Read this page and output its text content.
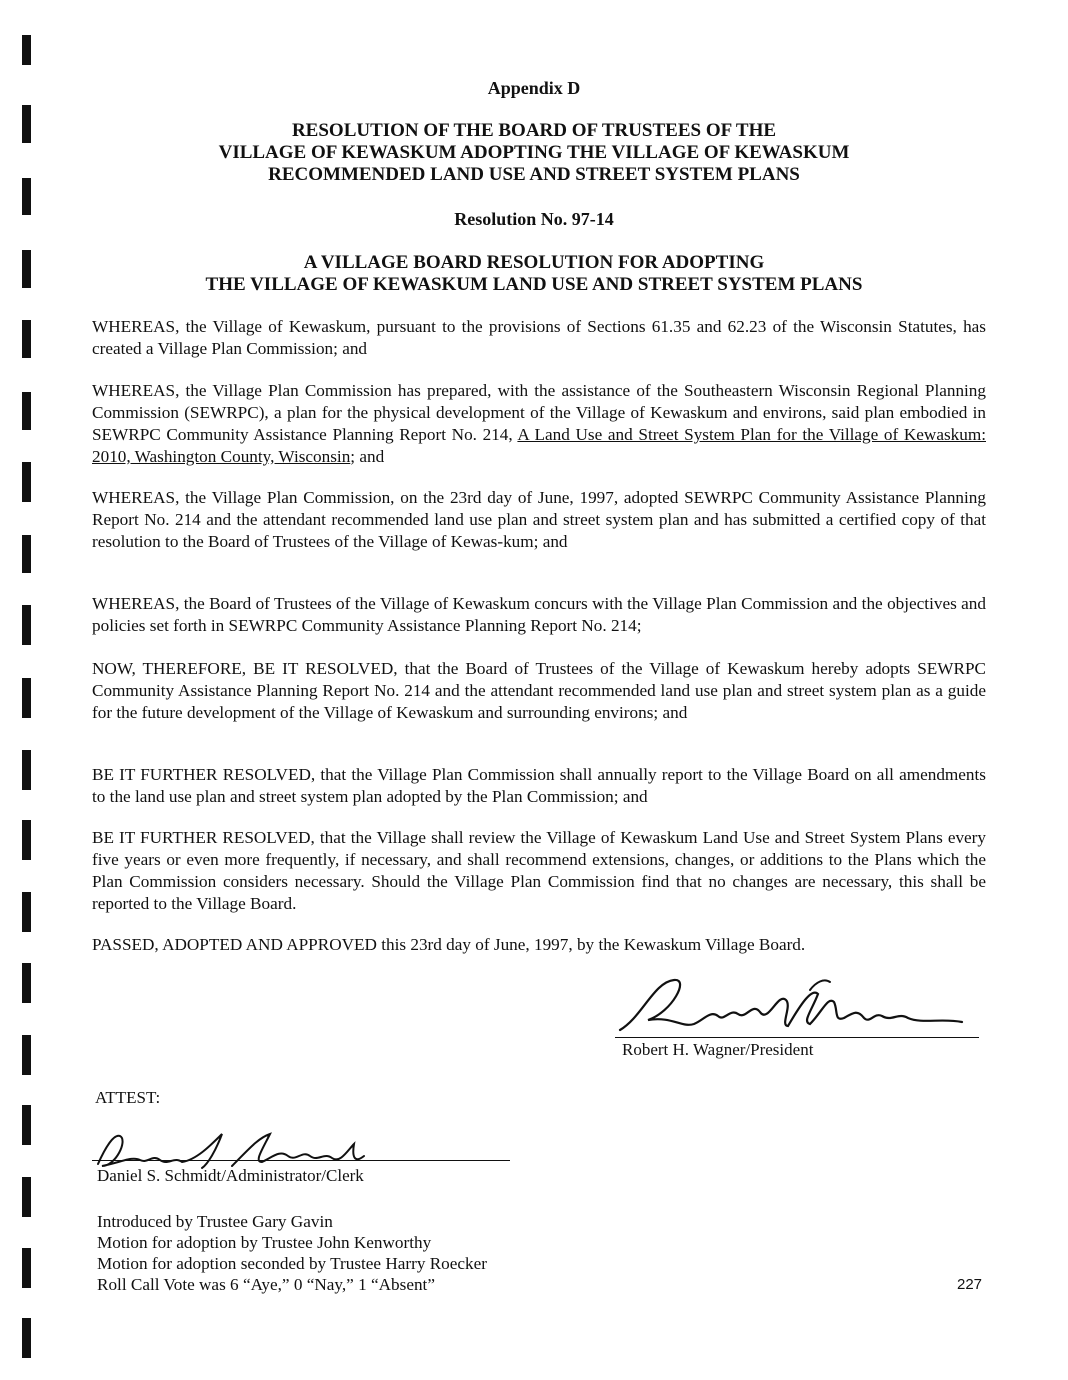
Appendix D
RESOLUTION OF THE BOARD OF TRUSTEES OF THE
VILLAGE OF KEWASKUM ADOPTING THE VILLAGE OF KEWASKUM
RECOMMENDED LAND USE AND STREET SYSTEM PLANS
Resolution No. 97-14
A VILLAGE BOARD RESOLUTION FOR ADOPTING
THE VILLAGE OF KEWASKUM LAND USE AND STREET SYSTEM PLANS
WHEREAS, the Village of Kewaskum, pursuant to the provisions of Sections 61.35 and 62.23 of the Wisconsin Statutes, has created a Village Plan Commission; and
WHEREAS, the Village Plan Commission has prepared, with the assistance of the Southeastern Wisconsin Regional Planning Commission (SEWRPC), a plan for the physical development of the Village of Kewaskum and environs, said plan embodied in SEWRPC Community Assistance Planning Report No. 214, A Land Use and Street System Plan for the Village of Kewaskum: 2010, Washington County, Wisconsin; and
WHEREAS, the Village Plan Commission, on the 23rd day of June, 1997, adopted SEWRPC Community Assistance Planning Report No. 214 and the attendant recommended land use plan and street system plan and has submitted a certified copy of that resolution to the Board of Trustees of the Village of Kewas-kum; and
WHEREAS, the Board of Trustees of the Village of Kewaskum concurs with the Village Plan Commission and the objectives and policies set forth in SEWRPC Community Assistance Planning Report No. 214;
NOW, THEREFORE, BE IT RESOLVED, that the Board of Trustees of the Village of Kewaskum hereby adopts SEWRPC Community Assistance Planning Report No. 214 and the attendant recommended land use plan and street system plan as a guide for the future development of the Village of Kewaskum and surrounding environs; and
BE IT FURTHER RESOLVED, that the Village Plan Commission shall annually report to the Village Board on all amendments to the land use plan and street system plan adopted by the Plan Commission; and
BE IT FURTHER RESOLVED, that the Village shall review the Village of Kewaskum Land Use and Street System Plans every five years or even more frequently, if necessary, and shall recommend extensions, changes, or additions to the Plans which the Plan Commission considers necessary. Should the Village Plan Commission find that no changes are necessary, this shall be reported to the Village Board.
PASSED, ADOPTED AND APPROVED this 23rd day of June, 1997, by the Kewaskum Village Board.
Robert H Wagner
Robert H. Wagner/President
ATTEST:
Daniel S Schmidt
Daniel S. Schmidt/Administrator/Clerk
Introduced by Trustee Gary Gavin
Motion for adoption by Trustee John Kenworthy
Motion for adoption seconded by Trustee Harry Roecker
Roll Call Vote was 6 “Aye,” 0 “Nay,” 1 “Absent”	227
